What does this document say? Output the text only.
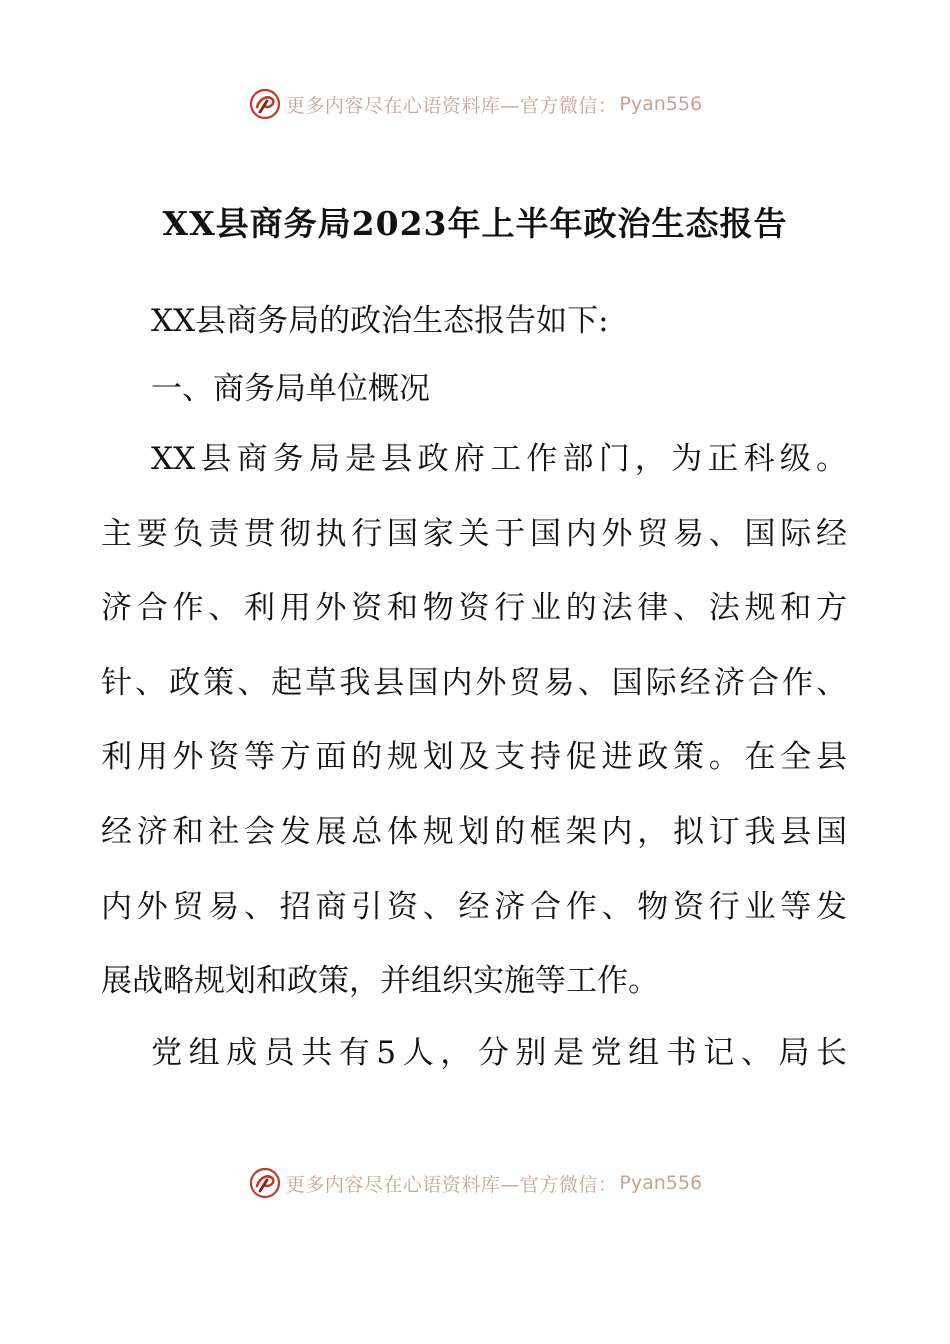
更多内容尽在心语资料库—官方微信： Pyan556
XX县商务局2023年上半年政治生态报告

XX县商务局的政治生态报告如下:

一、商务局单位概况

XX县商务局是县政府工作部门，为正科级。

主要负责贯彻执行国家关于国内外贸易、国际经

济合作、利用外资和物资行业的法律、法规和方

针、政策、起草我县国内外贸易、国际经济合作、

利用外资等方面的规划及支持促进政策。在全县

经济和社会发展总体规划的框架内，拟订我县国

内外贸易、招商引资、经济合作、物资行业等发

展战略规划和政策，并组织实施等工作。

党组成员共有5人，分别是党组书记、局长

更多内容尽在心语资料库—官方微信： Pyan556
